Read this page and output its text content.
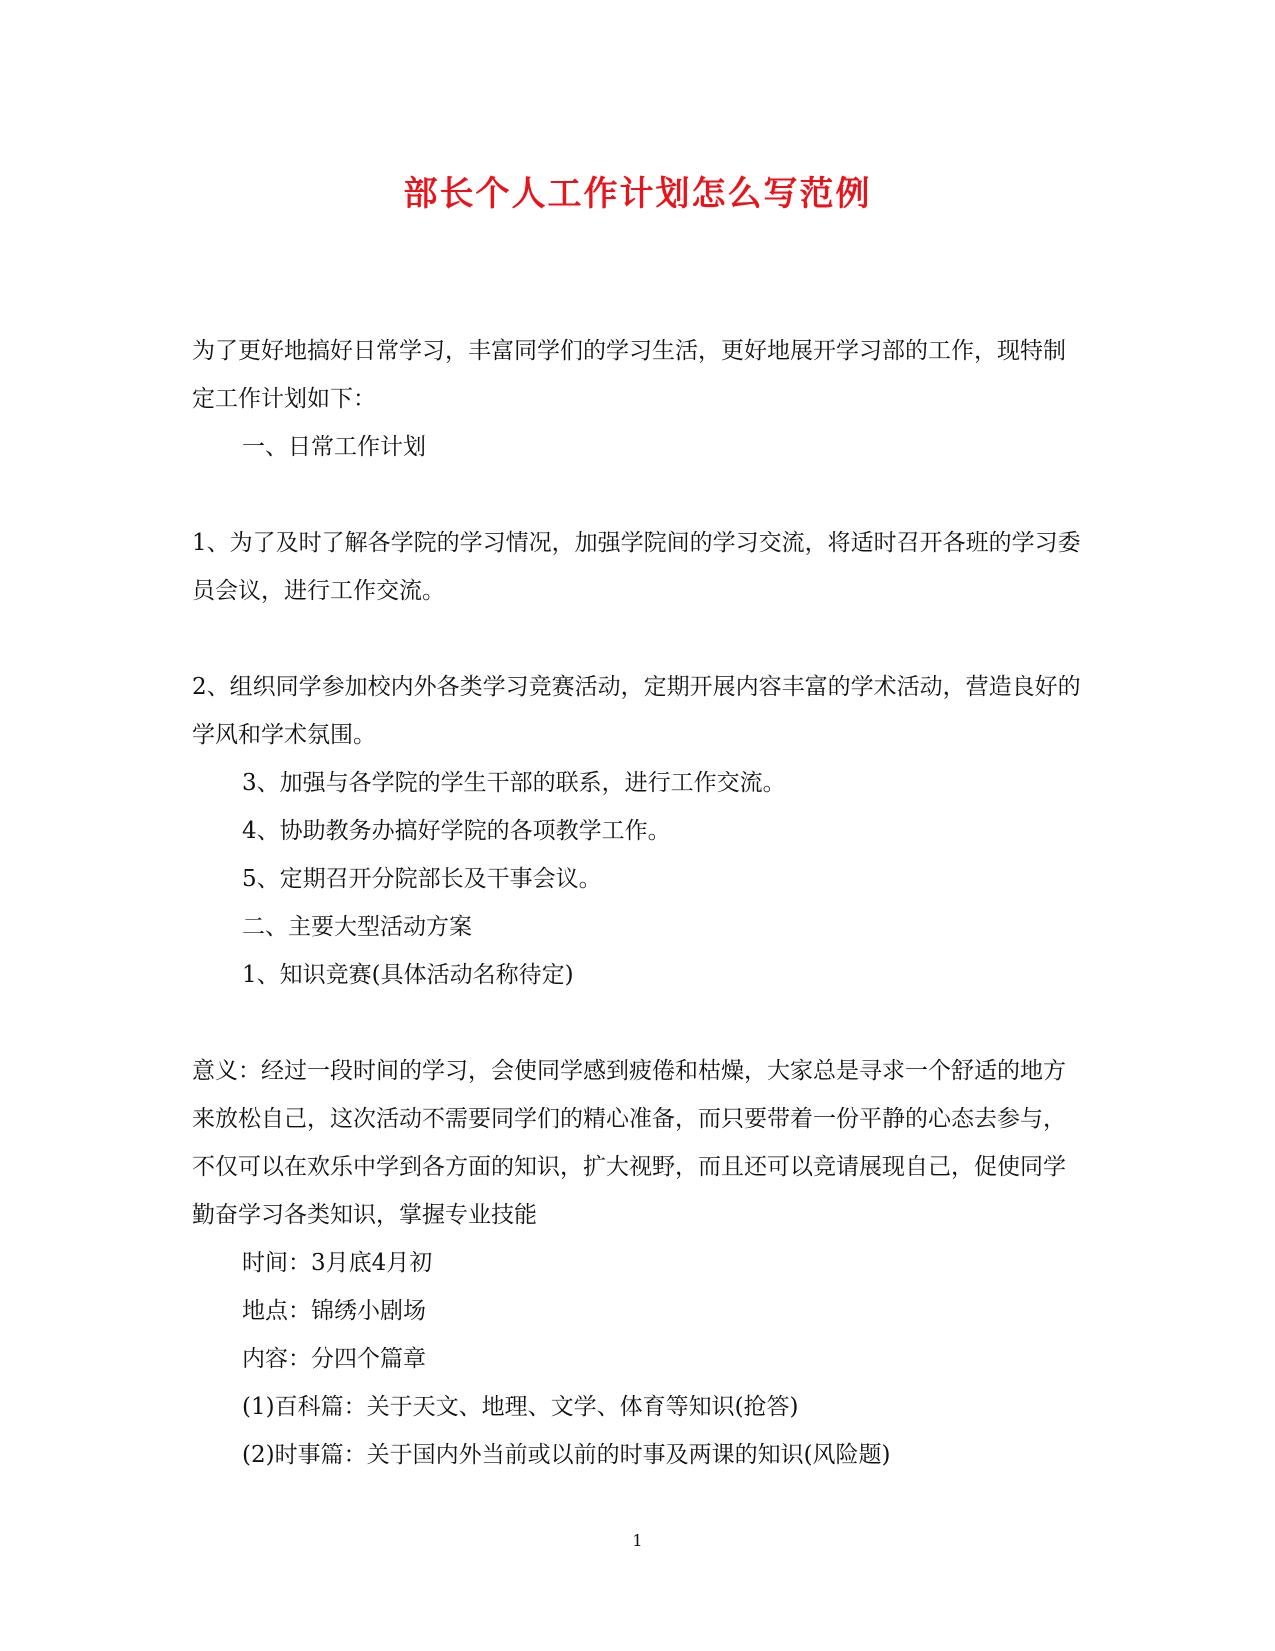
部长个人工作计划怎么写范例

为了更好地搞好日常学习，丰富同学们的学习生活，更好地展开学习部的工作，现特制定工作计划如下：

一、日常工作计划

1、为了及时了解各学院的学习情况，加强学院间的学习交流，将适时召开各班的学习委员会议，进行工作交流。

2、组织同学参加校内外各类学习竞赛活动，定期开展内容丰富的学术活动，营造良好的学风和学术氛围。

3、加强与各学院的学生干部的联系，进行工作交流。

4、协助教务办搞好学院的各项教学工作。

5、定期召开分院部长及干事会议。

二、主要大型活动方案

1、知识竞赛(具体活动名称待定)

意义：经过一段时间的学习，会使同学感到疲倦和枯燥，大家总是寻求一个舒适的地方来放松自己，这次活动不需要同学们的精心准备，而只要带着一份平静的心态去参与，不仅可以在欢乐中学到各方面的知识，扩大视野，而且还可以竞请展现自己，促使同学勤奋学习各类知识，掌握专业技能

时间：3月底4月初

地点：锦绣小剧场

内容：分四个篇章

(1)百科篇：关于天文、地理、文学、体育等知识(抢答)

(2)时事篇：关于国内外当前或以前的时事及两课的知识(风险题)

1
